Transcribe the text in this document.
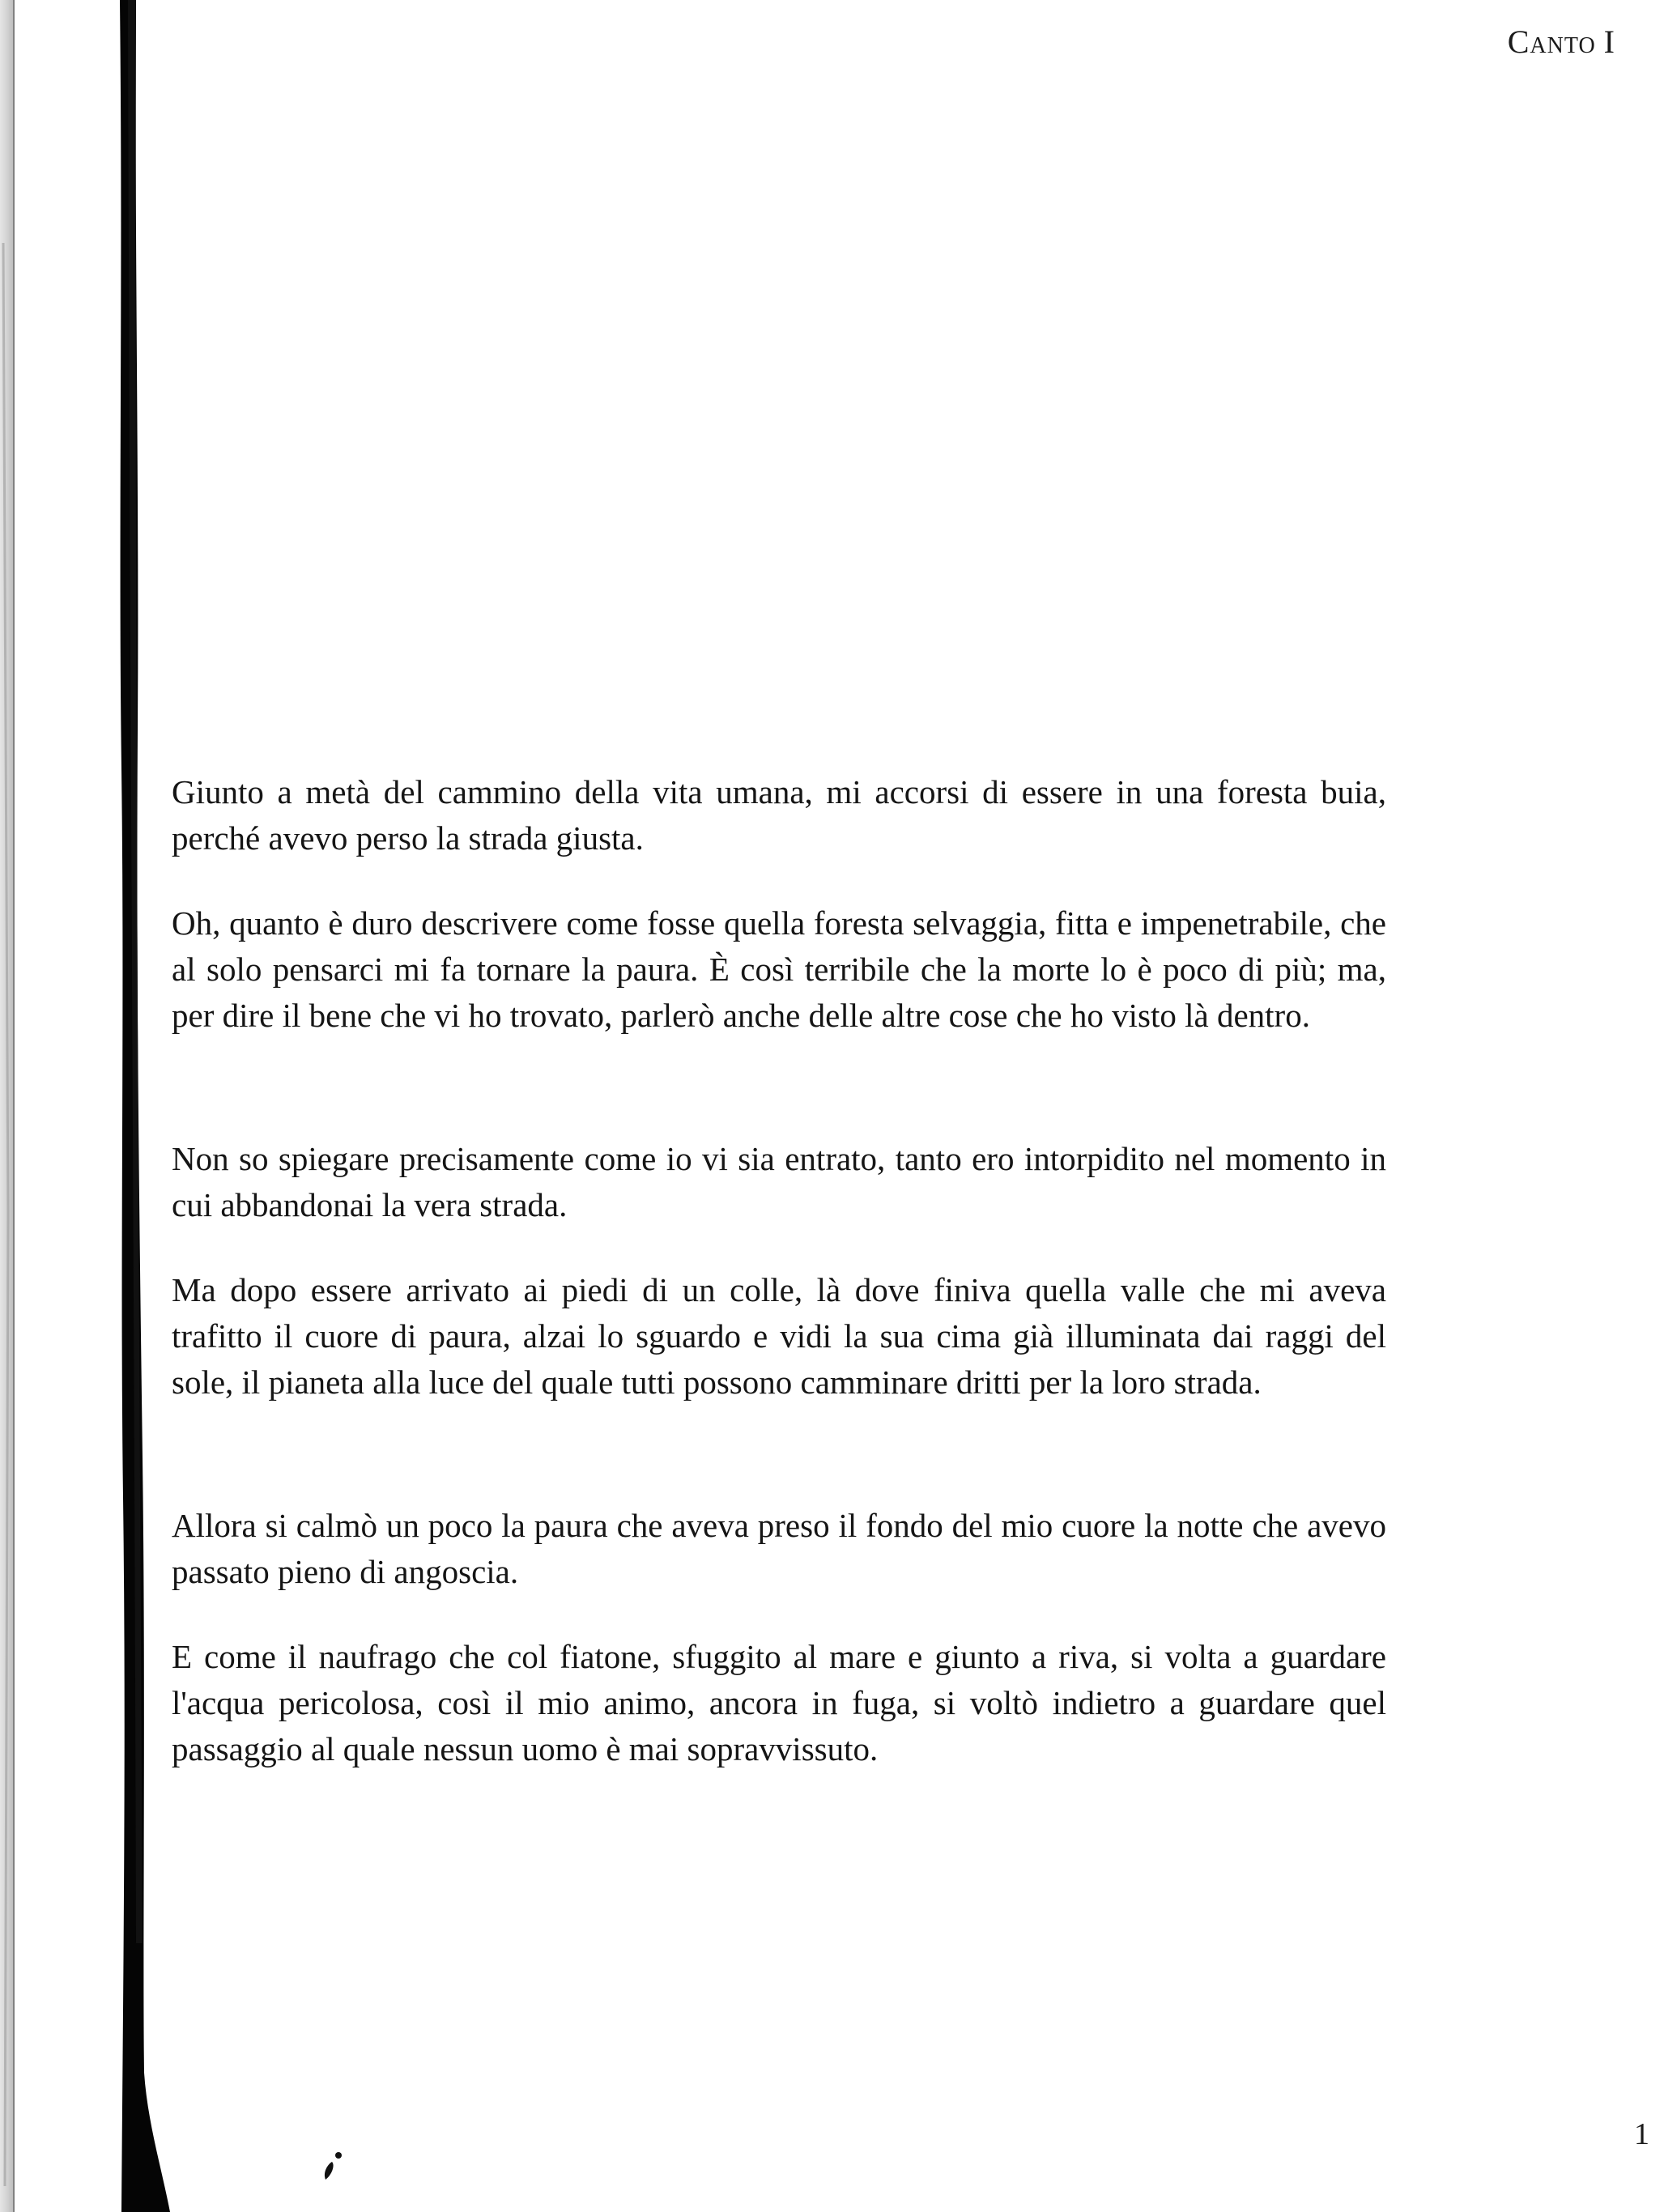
Canto I

Giunto a metà del cammino della vita umana, mi accorsi di essere in una foresta buia, perché avevo perso la strada giusta.

Oh, quanto è duro descrivere come fosse quella foresta selvaggia, fitta e impenetrabile, che al solo pensarci mi fa tornare la paura. È così terribile che la morte lo è poco di più; ma, per dire il bene che vi ho trovato, parlerò anche delle altre cose che ho visto là dentro.

Non so spiegare precisamente come io vi sia entrato, tanto ero intorpidito nel momento in cui abbandonai la vera strada.

Ma dopo essere arrivato ai piedi di un colle, là dove finiva quella valle che mi aveva trafitto il cuore di paura, alzai lo sguardo e vidi la sua cima già illuminata dai raggi del sole, il pianeta alla luce del quale tutti possono camminare dritti per la loro strada.

Allora si calmò un poco la paura che aveva preso il fondo del mio cuore la notte che avevo passato pieno di angoscia.

E come il naufrago che col fiatone, sfuggito al mare e giunto a riva, si volta a guardare l'acqua pericolosa, così il mio animo, ancora in fuga, si voltò indietro a guardare quel passaggio al quale nessun uomo è mai sopravvissuto.

1
